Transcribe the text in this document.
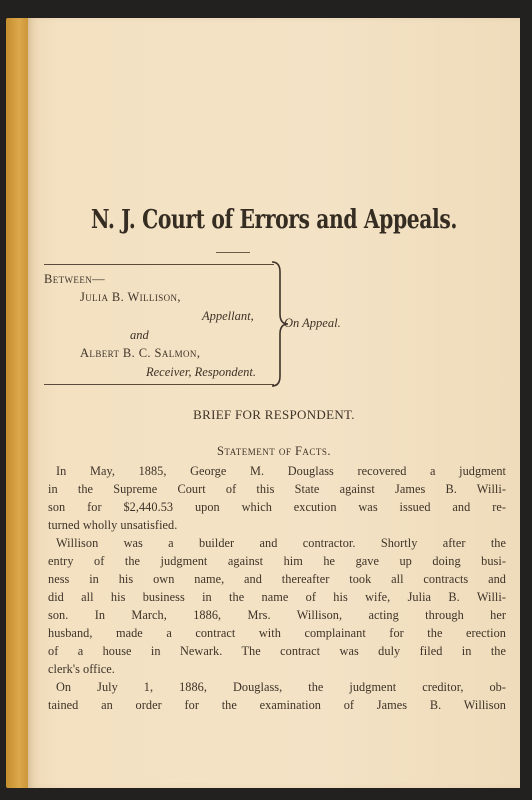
N. J. Court of Errors and Appeals.
Between—
Julia B. Willison,
Appellant,
and
Albert B. C. Salmon,
Receiver, Respondent.
On Appeal.
BRIEF FOR RESPONDENT.
Statement of Facts.
In May, 1885, George M. Douglass recovered a judgment
in the Supreme Court of this State against James B. Willi-
son for $2,440.53 upon which excution was issued and re-
turned wholly unsatisfied.
Willison was a builder and contractor. Shortly after the
entry of the judgment against him he gave up doing busi-
ness in his own name, and thereafter took all contracts and
did all his business in the name of his wife, Julia B. Willi-
son. In March, 1886, Mrs. Willison, acting through her
husband, made a contract with complainant for the erection
of a house in Newark. The contract was duly filed in the
clerk's office.
On July 1, 1886, Douglass, the judgment creditor, ob-
tained an order for the examination of James B. Willison
